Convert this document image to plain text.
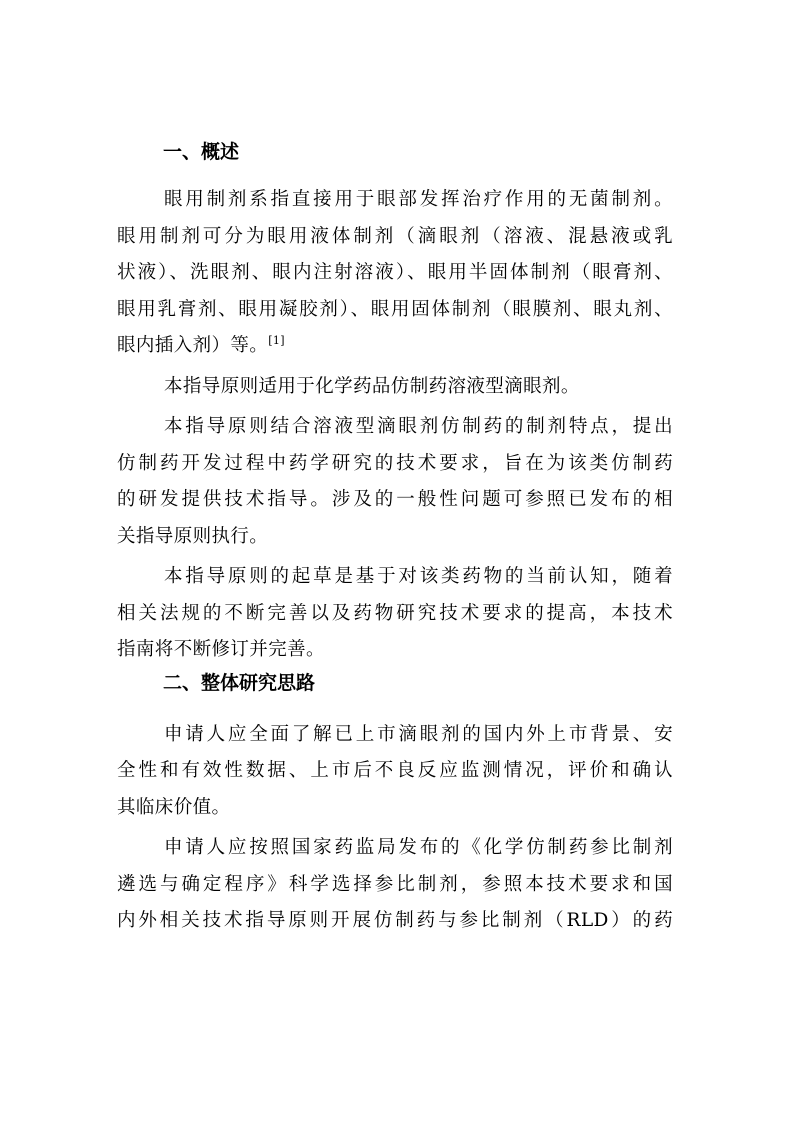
一、概述

眼用制剂系指直接用于眼部发挥治疗作用的无菌制剂。
眼用制剂可分为眼用液体制剂（滴眼剂（溶液、混悬液或乳
状液）、洗眼剂、眼内注射溶液）、眼用半固体制剂（眼膏剂、
眼用乳膏剂、眼用凝胶剂）、眼用固体制剂（眼膜剂、眼丸剂、
眼内插入剂）等。[1]

本指导原则适用于化学药品仿制药溶液型滴眼剂。

本指导原则结合溶液型滴眼剂仿制药的制剂特点，提出
仿制药开发过程中药学研究的技术要求，旨在为该类仿制药
的研发提供技术指导。涉及的一般性问题可参照已发布的相
关指导原则执行。

本指导原则的起草是基于对该类药物的当前认知，随着
相关法规的不断完善以及药物研究技术要求的提高，本技术
指南将不断修订并完善。

二、整体研究思路

申请人应全面了解已上市滴眼剂的国内外上市背景、安
全性和有效性数据、上市后不良反应监测情况，评价和确认
其临床价值。

申请人应按照国家药监局发布的《化学仿制药参比制剂
遴选与确定程序》科学选择参比制剂，参照本技术要求和国
内外相关技术指导原则开展仿制药与参比制剂（RLD）的药
